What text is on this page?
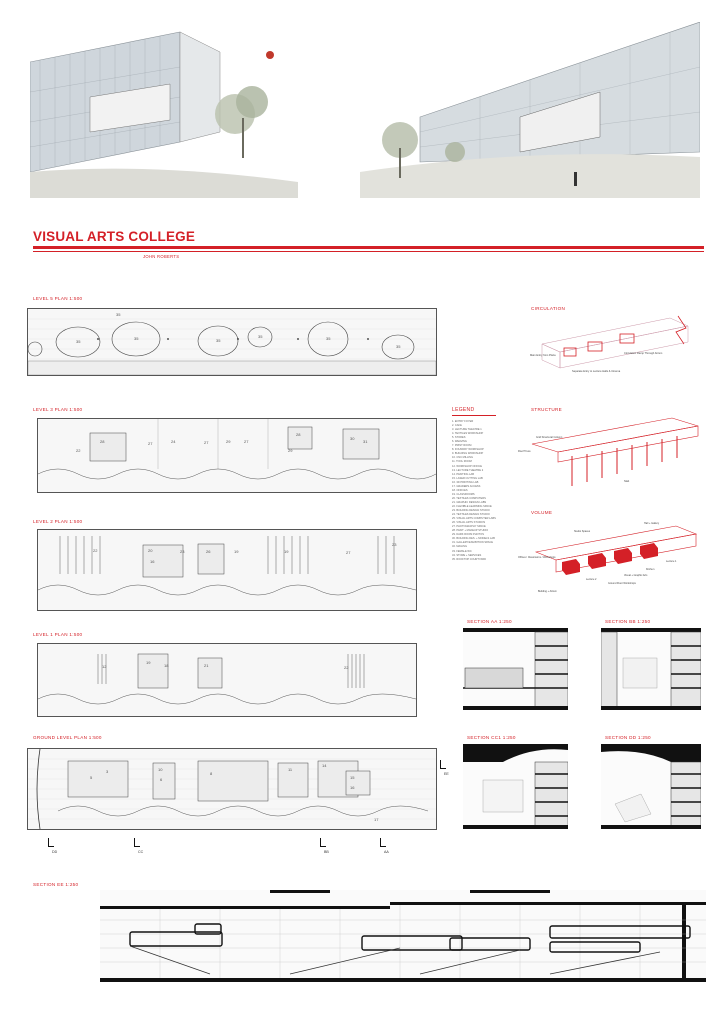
VISUAL ARTS COLLEGE
JOHN ROBERTS
LEVEL 5 PLAN 1:500
35
35	35
35	35
35
35
LEVEL 3 PLAN 1:500
22
28	27	24	27	29	27
28
29
30
31
LEGEND
1. ENTRY FOYER
2. CAFE
3. LECTURE THEATRE 1
4. TEXTILES WORKSHOP
5. STORES
6. WEAVING
7. PRINT ROOM
8. FOUNDRY WORKSHOP
9. BUILDING WORKSHOP
10. CNC MILLING
11. TOOL ROOM
12. WORKSHOP OFFICE
13. LECTURE THEATRE 2
14. PAINTING LAB
15. LASER CUTTING LAB
16. 3D PRINTING LAB
17. GRADERS ACCESS
18. OFFICES
19. CLASSROOMS
20. TEXTILES COMPUTERS
21. GRAPHIC DESIGN LABS
22. FLEXIBLE LEARNING SPACE
23. BUILDING DESIGN STUDIO
24. TEXTILES DESIGN STUDIO
25. VISUAL ARTS COMPUTER LABS
26. VISUAL ARTS STUDIOS
27. PHOTOGRAPHY SPACE
28. PAINT + MAKEUP STUDIO
29. DARK ROOM PHOTOS
30. BUILDING DES. + MODELS LAB
31. GALLERY/EXHIBITION SPACE
32. MAILING
33. FEMALE WC
34. STORE + SERVICES
35. ROOFTOP COURTYARD
LEVEL 2 PLAN 1:500
22	20
16
23	26	19	19	27
23
CIRCULATION
Main Entry from Plaza
Separate Entry to Lecture Halls & Cinema
Circulation Ramp Through Atrium
STRUCTURE
Grid Structural Column
Roof Truss
Slab
VOLUME
Studio Spaces
Hall + Gallery
Offices / Classrooms / Workshops
Lecture 1
Kitchen
Visual + Graphic Arts
Lecture 2
Ground Floor Workshops
Building + Atrium
LEVEL 1 PLAN 1:500
12
19
18	21	22
SECTION AA 1:250	SECTION BB 1:250
GROUND LEVEL PLAN 1:500
5
3	10
6
8
11
14
15
16
17
SECTION CC1 1:250	SECTION DD 1:250
DD	CC	BB	AA
EE
SECTION EE 1:250
